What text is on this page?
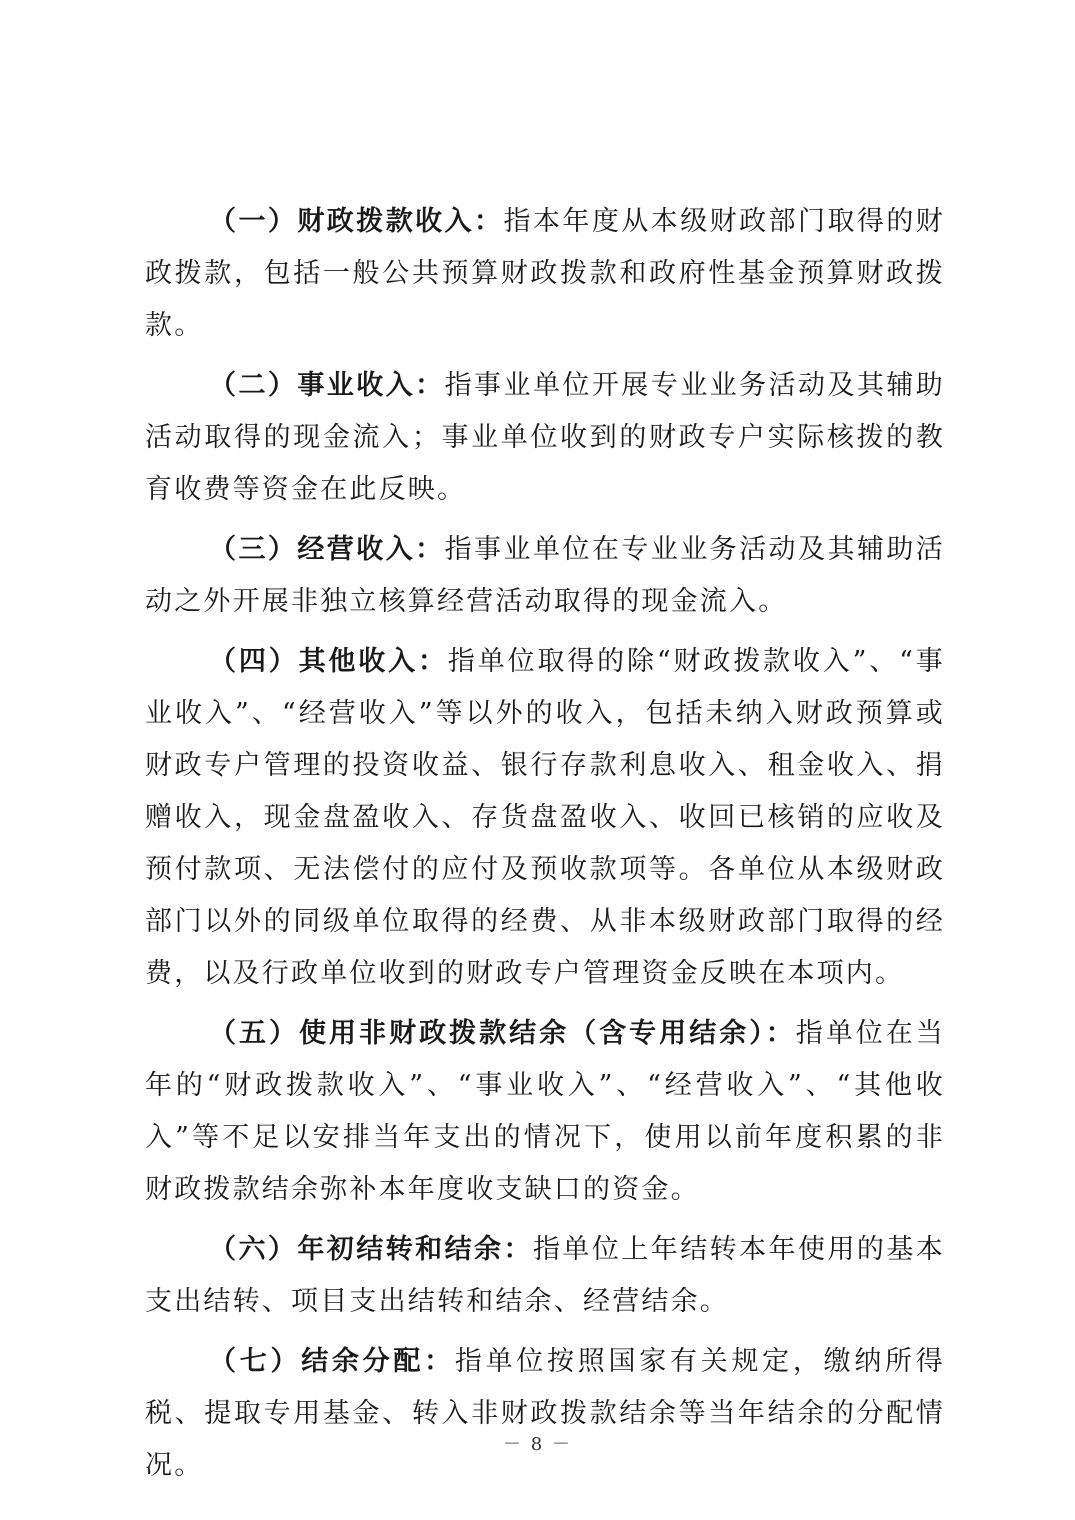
（一）财政拨款收入：指本年度从本级财政部门取得的财政拨款，包括一般公共预算财政拨款和政府性基金预算财政拨款。

（二）事业收入：指事业单位开展专业业务活动及其辅助活动取得的现金流入；事业单位收到的财政专户实际核拨的教育收费等资金在此反映。

（三）经营收入：指事业单位在专业业务活动及其辅助活动之外开展非独立核算经营活动取得的现金流入。

（四）其他收入：指单位取得的除“财政拨款收入”、“事业收入”、“经营收入”等以外的收入，包括未纳入财政预算或财政专户管理的投资收益、银行存款利息收入、租金收入、捐赠收入，现金盘盈收入、存货盘盈收入、收回已核销的应收及预付款项、无法偿付的应付及预收款项等。各单位从本级财政部门以外的同级单位取得的经费、从非本级财政部门取得的经费，以及行政单位收到的财政专户管理资金反映在本项内。

（五）使用非财政拨款结余（含专用结余）：指单位在当年的“财政拨款收入”、“事业收入”、“经营收入”、“其他收入”等不足以安排当年支出的情况下，使用以前年度积累的非财政拨款结余弥补本年度收支缺口的资金。

（六）年初结转和结余：指单位上年结转本年使用的基本支出结转、项目支出结转和结余、经营结余。

（七）结余分配：指单位按照国家有关规定，缴纳所得税、提取专用基金、转入非财政拨款结余等当年结余的分配情况。

－ 8 －
